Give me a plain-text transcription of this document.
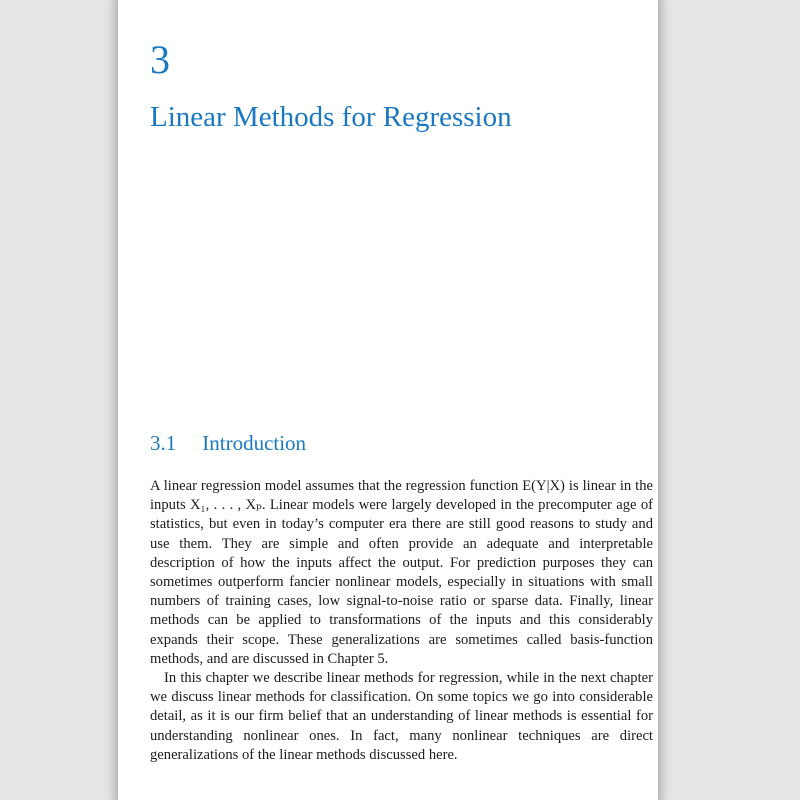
3
Linear Methods for Regression
3.1 Introduction

A linear regression model assumes that the regression function E(Y|X) is linear in the inputs X₁, . . . , Xₚ. Linear models were largely developed in the precomputer age of statistics, but even in today’s computer era there are still good reasons to study and use them. They are simple and often provide an adequate and interpretable description of how the inputs affect the output. For prediction purposes they can sometimes outperform fancier nonlinear models, especially in situations with small numbers of training cases, low signal-to-noise ratio or sparse data. Finally, linear methods can be applied to transformations of the inputs and this considerably expands their scope. These generalizations are sometimes called basis-function methods, and are discussed in Chapter 5.

In this chapter we describe linear methods for regression, while in the next chapter we discuss linear methods for classification. On some topics we go into considerable detail, as it is our firm belief that an understanding of linear methods is essential for understanding nonlinear ones. In fact, many nonlinear techniques are direct generalizations of the linear methods discussed here.
